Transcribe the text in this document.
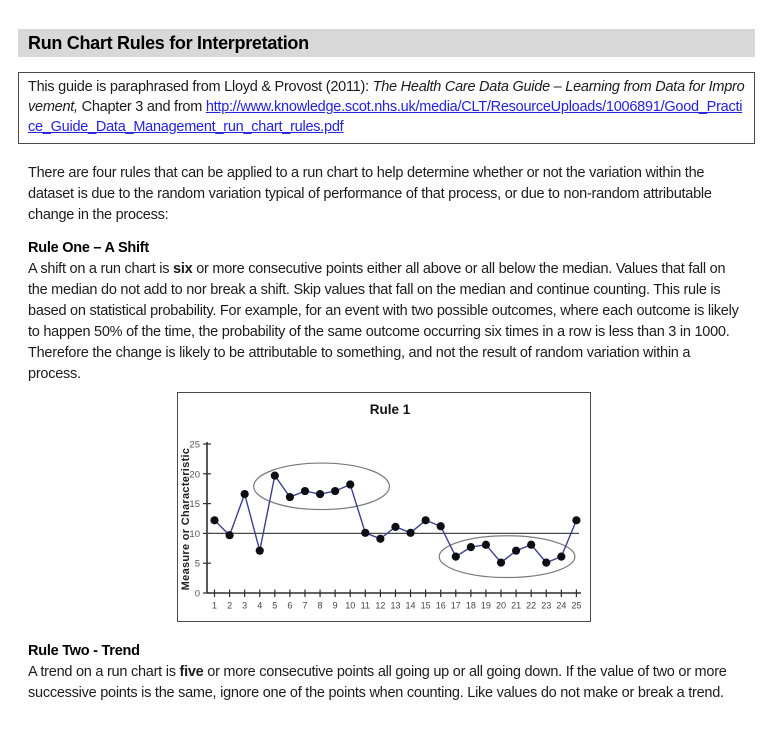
Run Chart Rules for Interpretation

This guide is paraphrased from Lloyd & Provost (2011): The Health Care Data Guide – Learning from Data for Improvement, Chapter 3 and from http://www.knowledge.scot.nhs.uk/media/CLT/ResourceUploads/1006891/Good_Practice_Guide_Data_Management_run_chart_rules.pdf

There are four rules that can be applied to a run chart to help determine whether or not the variation within the dataset is due to the random variation typical of performance of that process, or due to non-random attributable change in the process:

Rule One – A Shift

A shift on a run chart is six or more consecutive points either all above or all below the median. Values that fall on the median do not add to nor break a shift. Skip values that fall on the median and continue counting. This rule is based on statistical probability. For example, for an event with two possible outcomes, where each outcome is likely to happen 50% of the time, the probability of the same outcome occurring six times in a row is less than 3 in 1000. Therefore the change is likely to be attributable to something, and not the result of random variation within a process.

Rule 1
Measure or Characteristic
0
5
10
15
20
25
1 2 3 4 5 6 7 8 9 10 11 12 13 14 15 16 17 18 19 20 21 22 23 24 25
Rule Two - Trend

A trend on a run chart is five or more consecutive points all going up or all going down. If the value of two or more successive points is the same, ignore one of the points when counting. Like values do not make or break a trend.
